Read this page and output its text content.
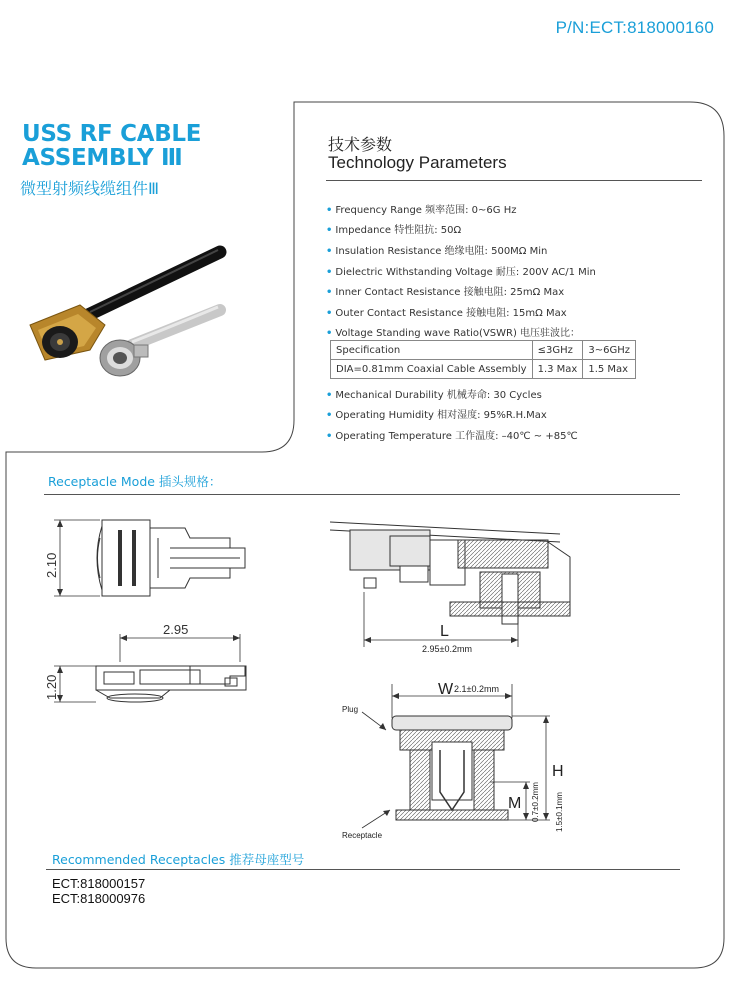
P/N:ECT:818000160
USS RF CABLE
ASSEMBLY Ⅲ
微型射频线缆组件Ⅲ
技术参数
Technology Parameters
• Frequency Range 频率范围: 0~6G Hz
• Impedance 特性阻抗: 50Ω
• Insulation Resistance 绝缘电阻: 500MΩ Min
• Dielectric Withstanding Voltage 耐压: 200V AC/1 Min
• Inner Contact Resistance 接触电阻: 25mΩ Max
• Outer Contact Resistance 接触电阻: 15mΩ Max
• Voltage Standing wave Ratio(VSWR) 电压驻波比：
Specification	≤3GHz	3~6GHz
DIA=0.81mm Coaxial Cable Assembly	1.3 Max	1.5 Max
• Mechanical Durability 机械寿命: 30 Cycles
• Operating Humidity 相对湿度: 95%R.H.Max
• Operating Temperature 工作温度: –40℃ ~ +85℃
Receptacle Mode 插头规格：
2.10
2.95
1.20
L
2.95±0.2mm
W 2.1±0.2mm
Plug
M 0.7±0.2mm
H
1.5±0.1mm
Receptacle
Recommended Receptacles 推荐母座型号
ECT:818000157
ECT:818000976
